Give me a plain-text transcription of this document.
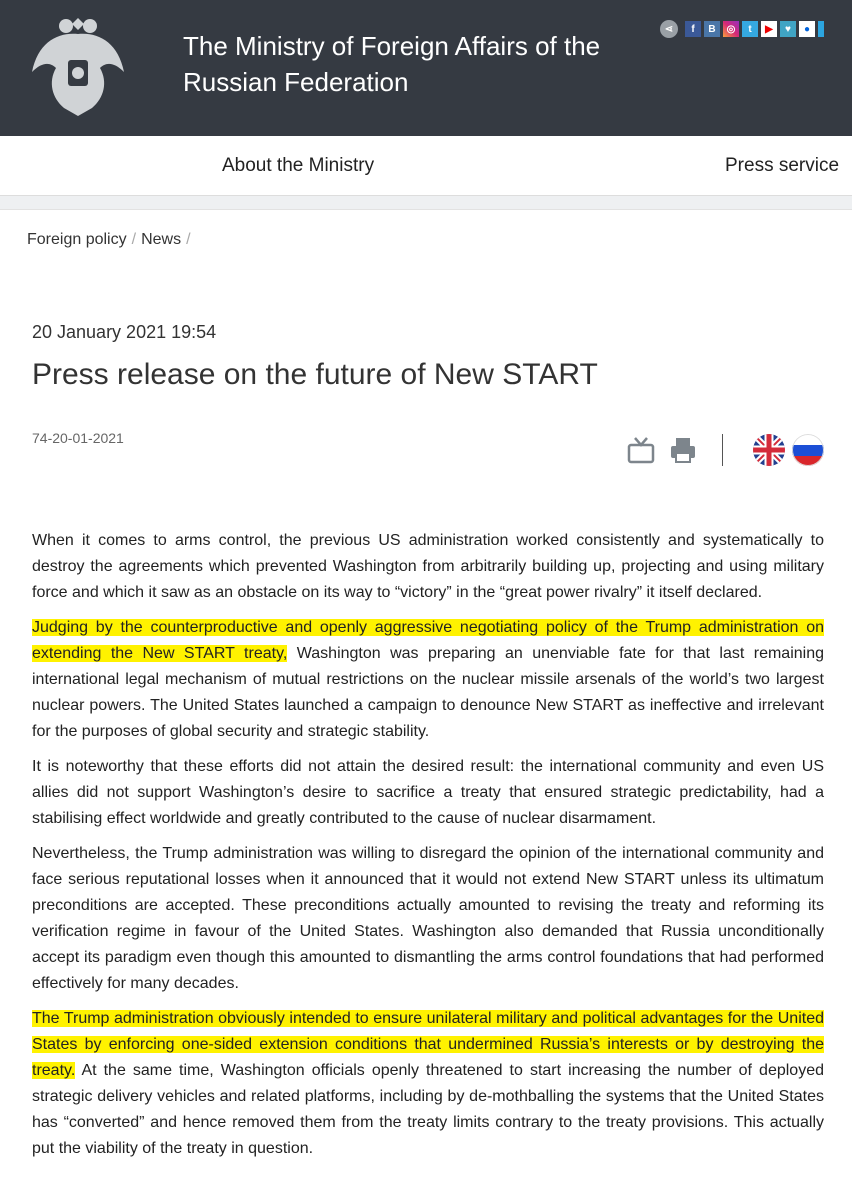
The Ministry of Foreign Affairs of the Russian Federation
⋖	f	B	◎	t	▶	♥	●
About the Ministry	Press service
Foreign policy / News /
20 January 2021 19:54
Press release on the future of New START
74-20-01-2021

When it comes to arms control, the previous US administration worked consistently and systematically to destroy the agreements which prevented Washington from arbitrarily building up, projecting and using military force and which it saw as an obstacle on its way to “victory” in the “great power rivalry” it itself declared.

Judging by the counterproductive and openly aggressive negotiating policy of the Trump administration on extending the New START treaty, Washington was preparing an unenviable fate for that last remaining international legal mechanism of mutual restrictions on the nuclear missile arsenals of the world’s two largest nuclear powers. The United States launched a campaign to denounce New START as ineffective and irrelevant for the purposes of global security and strategic stability.

It is noteworthy that these efforts did not attain the desired result: the international community and even US allies did not support Washington’s desire to sacrifice a treaty that ensured strategic predictability, had a stabilising effect worldwide and greatly contributed to the cause of nuclear disarmament.

Nevertheless, the Trump administration was willing to disregard the opinion of the international community and face serious reputational losses when it announced that it would not extend New START unless its ultimatum preconditions are accepted. These preconditions actually amounted to revising the treaty and reforming its verification regime in favour of the United States. Washington also demanded that Russia unconditionally accept its paradigm even though this amounted to dismantling the arms control foundations that had performed effectively for many decades.

The Trump administration obviously intended to ensure unilateral military and political advantages for the United States by enforcing one-sided extension conditions that undermined Russia’s interests or by destroying the treaty. At the same time, Washington officials openly threatened to start increasing the number of deployed strategic delivery vehicles and related platforms, including by de-mothballing the systems that the United States has “converted” and hence removed them from the treaty limits contrary to the treaty provisions. This actually put the viability of the treaty in question.
